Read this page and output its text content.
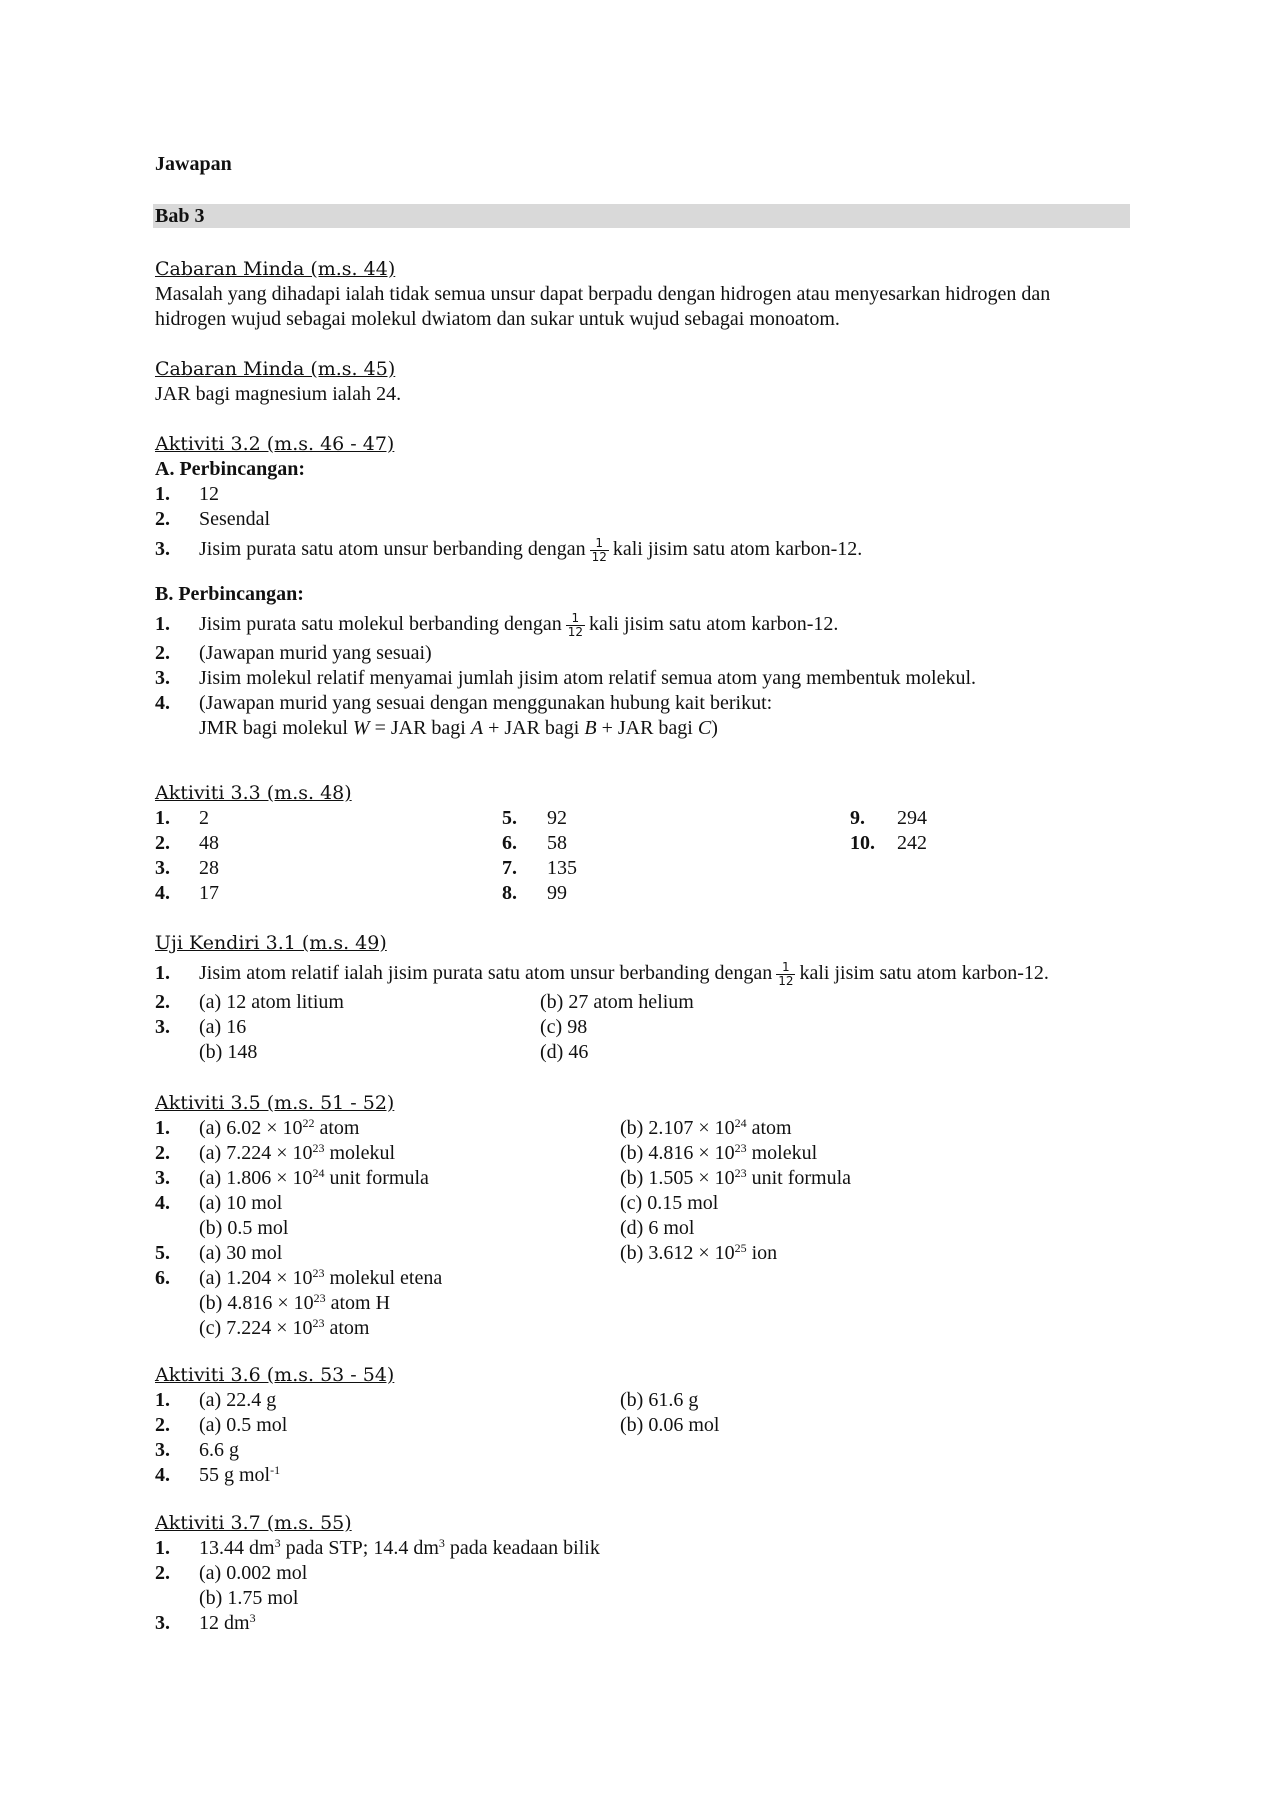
Jawapan
Bab 3
Cabaran Minda (m.s. 44)
Masalah yang dihadapi ialah tidak semua unsur dapat berpadu dengan hidrogen atau menyesarkan hidrogen dan
hidrogen wujud sebagai molekul dwiatom dan sukar untuk wujud sebagai monoatom.
Cabaran Minda (m.s. 45)
JAR bagi magnesium ialah 24.
Aktiviti 3.2 (m.s. 46 - 47)
A. Perbincangan:
1. 12
2. Sesendal
3. Jisim purata satu atom unsur berbanding dengan $\frac{1}{12}$ kali jisim satu atom karbon-12.
B. Perbincangan:
1. Jisim purata satu molekul berbanding dengan $\frac{1}{12}$ kali jisim satu atom karbon-12.
2. (Jawapan murid yang sesuai)
3. Jisim molekul relatif menyamai jumlah jisim atom relatif semua atom yang membentuk molekul.
4. (Jawapan murid yang sesuai dengan menggunakan hubung kait berikut:
JMR bagi molekul W = JAR bagi A + JAR bagi B + JAR bagi C)
Aktiviti 3.3 (m.s. 48)
1. 2	5. 92	9. 294
2. 48	6. 58	10. 242
3. 28	7. 135
4. 17	8. 99
Uji Kendiri 3.1 (m.s. 49)
1. Jisim atom relatif ialah jisim purata satu atom unsur berbanding dengan $\frac{1}{12}$ kali jisim satu atom karbon-12.
2. (a) 12 atom litium	(b) 27 atom helium
3. (a) 16	(c) 98
(b) 148	(d) 46
Aktiviti 3.5 (m.s. 51 - 52)
1. (a) $6.02 \times 10^{22}$ atom	(b) $2.107 \times 10^{24}$ atom
2. (a) $7.224 \times 10^{23}$ molekul	(b) $4.816 \times 10^{23}$ molekul
3. (a) $1.806 \times 10^{24}$ unit formula	(b) $1.505 \times 10^{23}$ unit formula
4. (a) 10 mol	(c) 0.15 mol
(b) 0.5 mol	(d) 6 mol
5. (a) 30 mol	(b) $3.612 \times 10^{25}$ ion
6. (a) $1.204 \times 10^{23}$ molekul etena
(b) $4.816 \times 10^{23}$ atom H
(c) $7.224 \times 10^{23}$ atom
Aktiviti 3.6 (m.s. 53 - 54)
1. (a) 22.4 g	(b) 61.6 g
2. (a) 0.5 mol	(b) 0.06 mol
3. 6.6 g
4. 55 g mol$^{-1}$
Aktiviti 3.7 (m.s. 55)
1. 13.44 $dm^3$ pada STP; 14.4 $dm^3$ pada keadaan bilik
2. (a) 0.002 mol
(b) 1.75 mol
3. 12 $dm^3$
